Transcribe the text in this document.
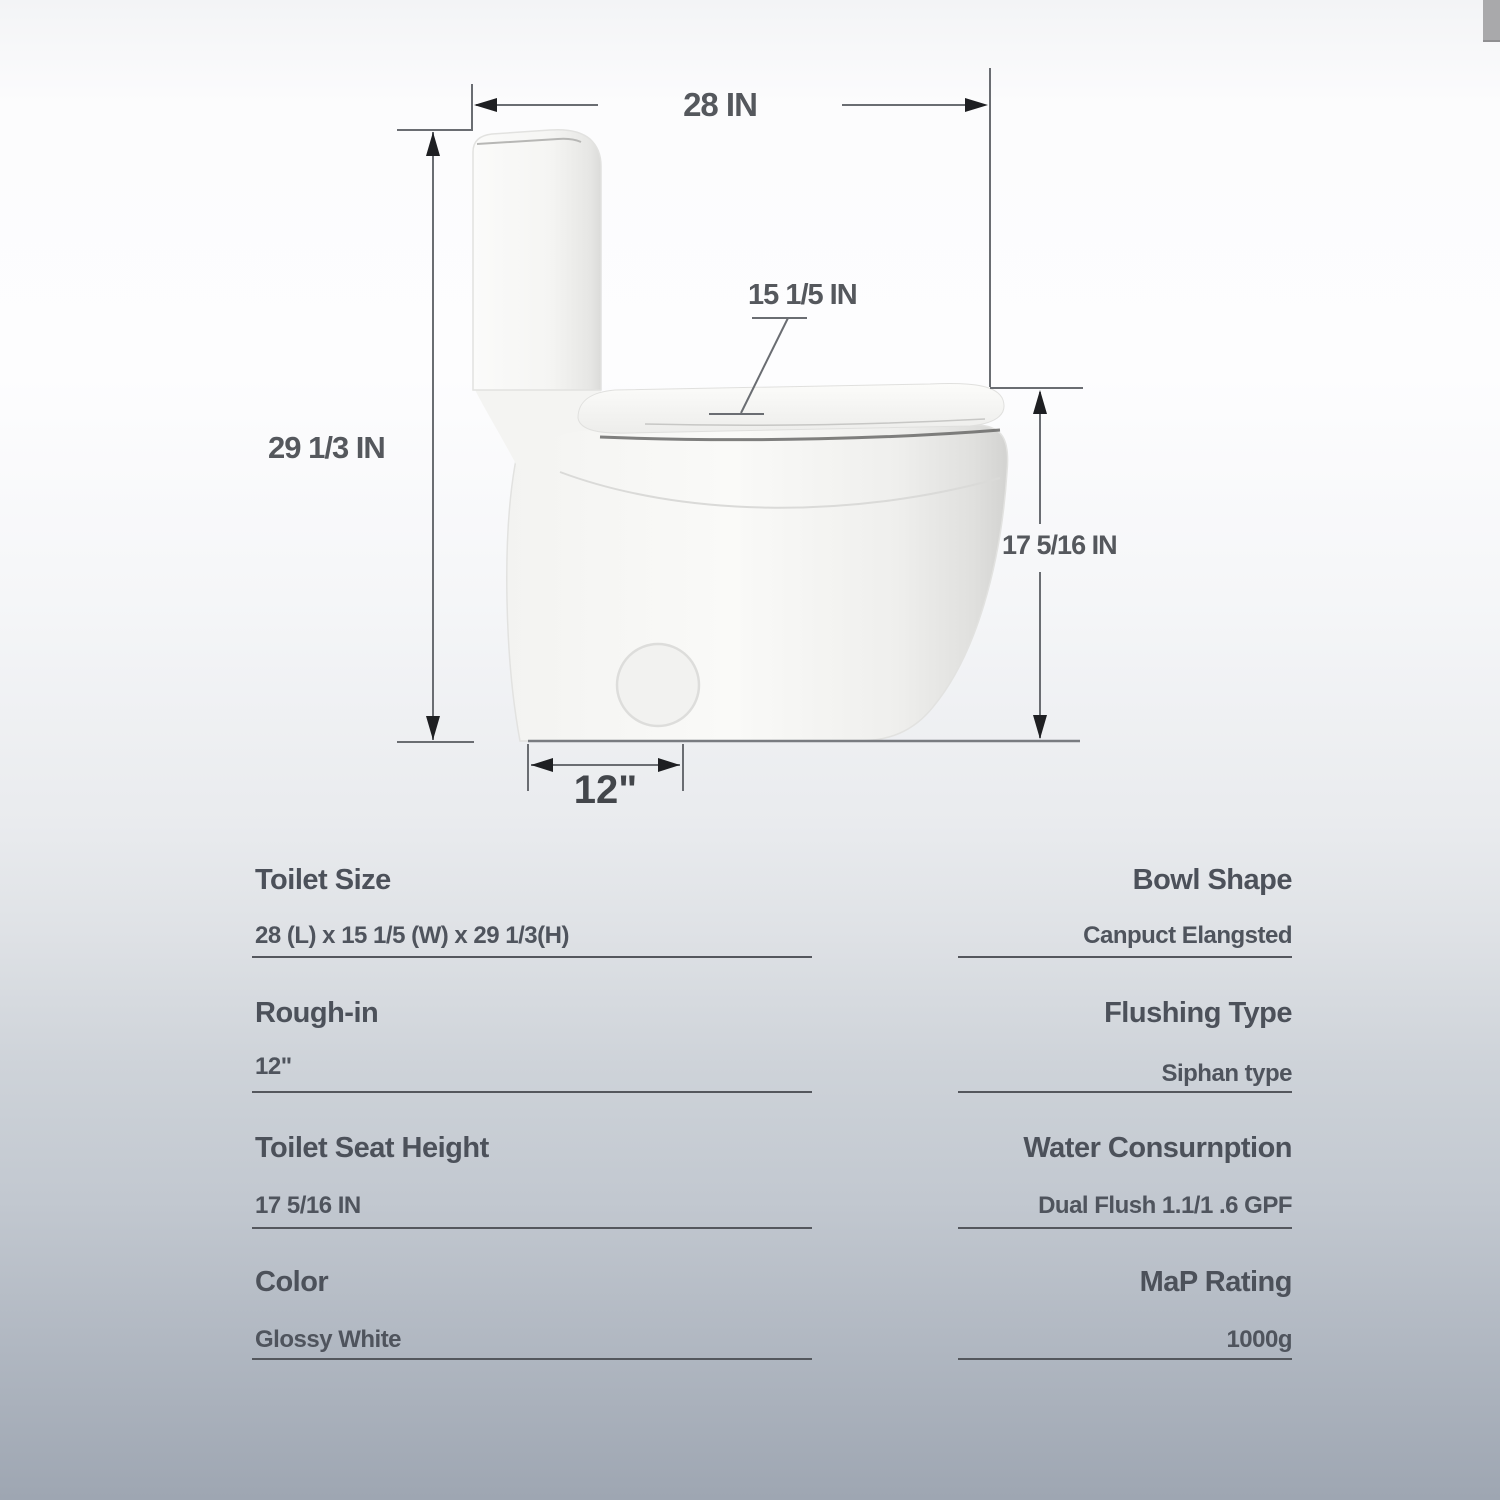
28 IN
15 1/5 IN
29 1/3 IN
17 5/16 IN
12"
Toilet Size
28 (L) x 15 1/5 (W) x 29 1/3(H)
Bowl Shape
Canpuct Elangsted
Rough-in
12"
Flushing Type
Siphan type
Toilet Seat Height
17 5/16 IN
Water Consurnption
Dual Flush 1.1/1 .6 GPF
Color
Glossy White
MaP Rating
1000g
